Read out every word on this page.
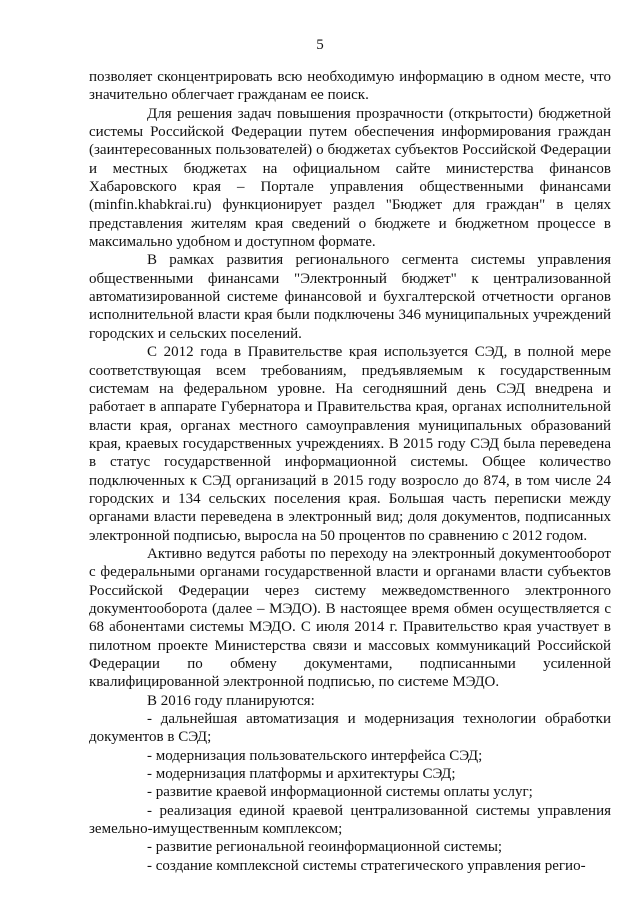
5

позволяет сконцентрировать всю необходимую информацию в одном месте, что значительно облегчает гражданам ее поиск.

Для решения задач повышения прозрачности (открытости) бюджетной системы Российской Федерации путем обеспечения информирования граждан (заинтересованных пользователей) о бюджетах субъектов Российской Федерации и местных бюджетах на официальном сайте министерства финансов Хабаровского края – Портале управления общественными финансами (minfin.khabkrai.ru) функционирует раздел "Бюджет для граждан" в целях представления жителям края сведений о бюджете и бюджетном процессе в максимально удобном и доступном формате.

В рамках развития регионального сегмента системы управления общественными финансами "Электронный бюджет" к централизованной автоматизированной системе финансовой и бухгалтерской отчетности органов исполнительной власти края были подключены 346 муниципальных учреждений городских и сельских поселений.

С 2012 года в Правительстве края используется СЭД, в полной мере соответствующая всем требованиям, предъявляемым к государственным системам на федеральном уровне. На сегодняшний день СЭД внедрена и работает в аппарате Губернатора и Правительства края, органах исполнительной власти края, органах местного самоуправления муниципальных образований края, краевых государственных учреждениях. В 2015 году СЭД была переведена в статус государственной информационной системы. Общее количество подключенных к СЭД организаций в 2015 году возросло до 874, в том числе 24 городских и 134 сельских поселения края. Большая часть переписки между органами власти переведена в электронный вид; доля документов, подписанных электронной подписью, выросла на 50 процентов по сравнению с 2012 годом.

Активно ведутся работы по переходу на электронный документооборот с федеральными органами государственной власти и органами власти субъектов Российской Федерации через систему межведомственного электронного документооборота (далее – МЭДО). В настоящее время обмен осуществляется с 68 абонентами системы МЭДО. С июля 2014 г. Правительство края участвует в пилотном проекте Министерства связи и массовых коммуникаций Российской Федерации по обмену документами, подписанными усиленной квалифицированной электронной подписью, по системе МЭДО.

В 2016 году планируются:

- дальнейшая автоматизация и модернизация технологии обработки документов в СЭД;

- модернизация пользовательского интерфейса СЭД;

- модернизация платформы и архитектуры СЭД;

- развитие краевой информационной системы оплаты услуг;

- реализация единой краевой централизованной системы управления земельно-имущественным комплексом;

- развитие региональной геоинформационной системы;

- создание комплексной системы стратегического управления регио-
